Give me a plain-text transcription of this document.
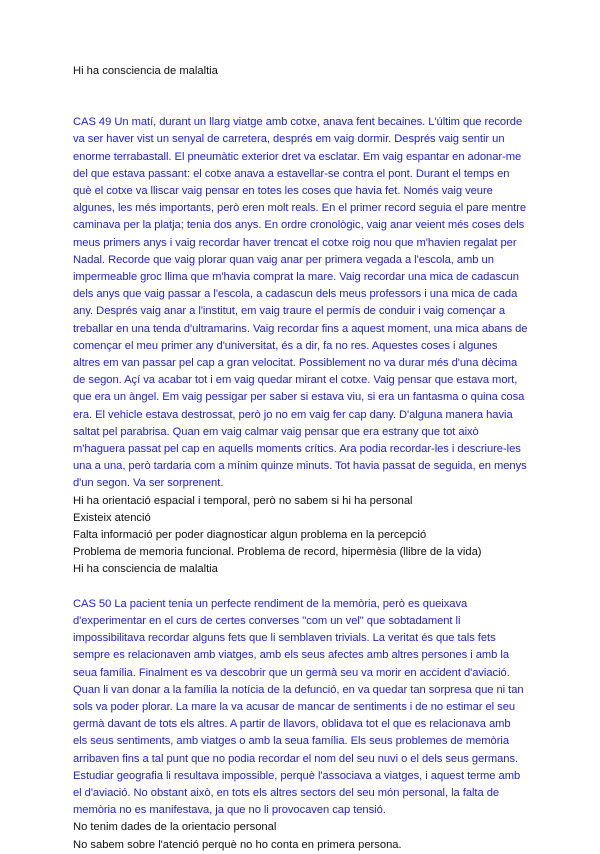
Hi ha consciencia de malaltia
CAS 49 Un matí, durant un llarg viatge amb cotxe, anava fent becaines. L'últim que recorde
va ser haver vist un senyal de carretera, després em vaig dormir. Després vaig sentir un
enorme terrabastall. El pneumàtic exterior dret va esclatar. Em vaig espantar en adonar-me
del que estava passant: el cotxe anava a estavellar-se contra el pont. Durant el temps en
què el cotxe va lliscar vaig pensar en totes les coses que havia fet. Només vaig veure
algunes, les més importants, però eren molt reals. En el primer record seguia el pare mentre
caminava per la platja; tenia dos anys. En ordre cronològic, vaig anar veient més coses dels
meus primers anys i vaig recordar haver trencat el cotxe roig nou que m'havien regalat per
Nadal. Recorde que vaig plorar quan vaig anar per primera vegada a l'escola, amb un
impermeable groc llima que m'havia comprat la mare. Vaig recordar una mica de cadascun
dels anys que vaig passar a l'escola, a cadascun dels meus professors i una mica de cada
any. Després vaig anar a l'institut, em vaig traure el permís de conduir i vaig començar a
treballar en una tenda d'ultramarins. Vaig recordar fins a aquest moment, una mica abans de
començar el meu primer any d'universitat, és a dir, fa no res. Aquestes coses i algunes
altres em van passar pel cap a gran velocitat. Possiblement no va durar més d'una dècima
de segon. Açí va acabar tot i em vaig quedar mirant el cotxe. Vaig pensar que estava mort,
que era un àngel. Em vaig pessigar per saber si estava viu, si era un fantasma o quina cosa
era. El vehicle estava destrossat, però jo no em vaig fer cap dany. D'alguna manera havia
saltat pel parabrisa. Quan em vaig calmar vaig pensar que era estrany que tot això
m'haguera passat pel cap en aquells moments crítics. Ara podia recordar-les i descriure-les
una a una, però tardaria com a mínim quinze minuts. Tot havia passat de seguida, en menys
d'un segon. Va ser sorprenent.
Hi ha orientació espacial i temporal, però no sabem si hi ha personal
Existeix atenció
Falta informació per poder diagnosticar algun problema en la percepció
Problema de memoria funcional. Problema de record, hipermèsia (llibre de la vida)
Hi ha consciencia de malaltia
CAS 50 La pacient tenia un perfecte rendiment de la memòria, però es queixava
d'experimentar en el curs de certes converses "com un vel" que sobtadament li
impossibilitava recordar alguns fets que li semblaven trivials. La veritat és que tals fets
sempre es relacionaven amb viatges, amb els seus afectes amb altres persones i amb la
seua família. Finalment es va descobrir que un germà seu va morir en accident d'aviació.
Quan li van donar a la família la notícia de la defunció, en va quedar tan sorpresa que ni tan
sols va poder plorar. La mare la va acusar de mancar de sentiments i de no estimar el seu
germà davant de tots els altres. A partir de llavors, oblidava tot el que es relacionava amb
els seus sentiments, amb viatges o amb la seua família. Els seus problemes de memòria
arribaven fins a tal punt que no podia recordar el nom del seu nuvi o el dels seus germans.
Estudiar geografia li resultava impossible, perquè l'associava a viatges, i aquest terme amb
el d'aviació. No obstant això, en tots els altres sectors del seu món personal, la falta de
memòria no es manifestava, ja que no li provocaven cap tensió.
No tenim dades de la orientacio personal
No sabem sobre l'atenció perquè no ho conta en primera persona.
